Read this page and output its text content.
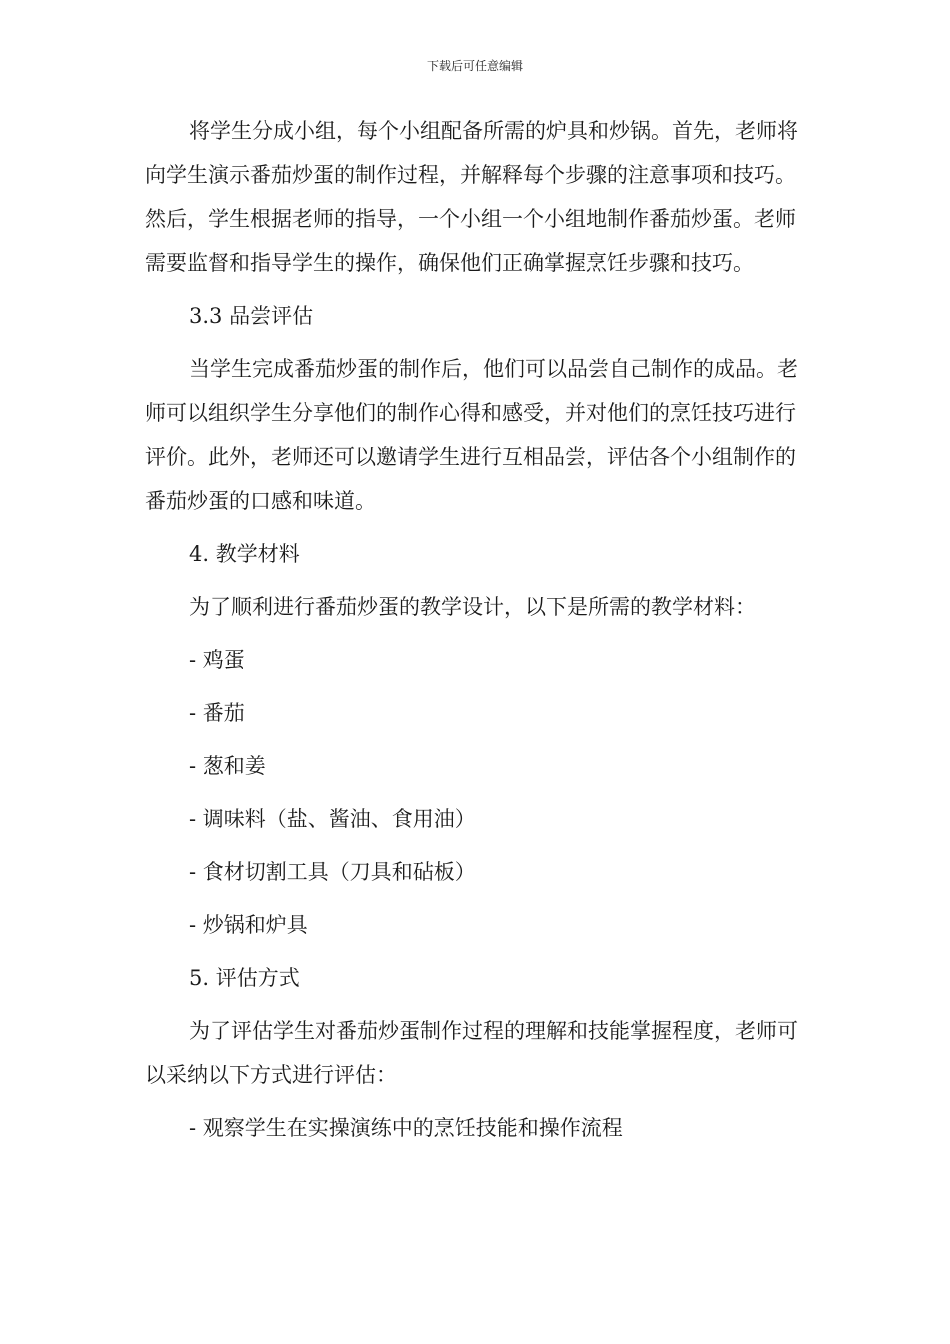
下载后可任意编辑

将学生分成小组，每个小组配备所需的炉具和炒锅。首先，老师将向学生演示番茄炒蛋的制作过程，并解释每个步骤的注意事项和技巧。然后，学生根据老师的指导，一个小组一个小组地制作番茄炒蛋。老师需要监督和指导学生的操作，确保他们正确掌握烹饪步骤和技巧。

3.3 品尝评估

当学生完成番茄炒蛋的制作后，他们可以品尝自己制作的成品。老师可以组织学生分享他们的制作心得和感受，并对他们的烹饪技巧进行评价。此外，老师还可以邀请学生进行互相品尝，评估各个小组制作的番茄炒蛋的口感和味道。

4. 教学材料

为了顺利进行番茄炒蛋的教学设计，以下是所需的教学材料：

- 鸡蛋

- 番茄

- 葱和姜

- 调味料（盐、酱油、食用油）

- 食材切割工具（刀具和砧板）

- 炒锅和炉具

5. 评估方式

为了评估学生对番茄炒蛋制作过程的理解和技能掌握程度，老师可以采纳以下方式进行评估：

- 观察学生在实操演练中的烹饪技能和操作流程
